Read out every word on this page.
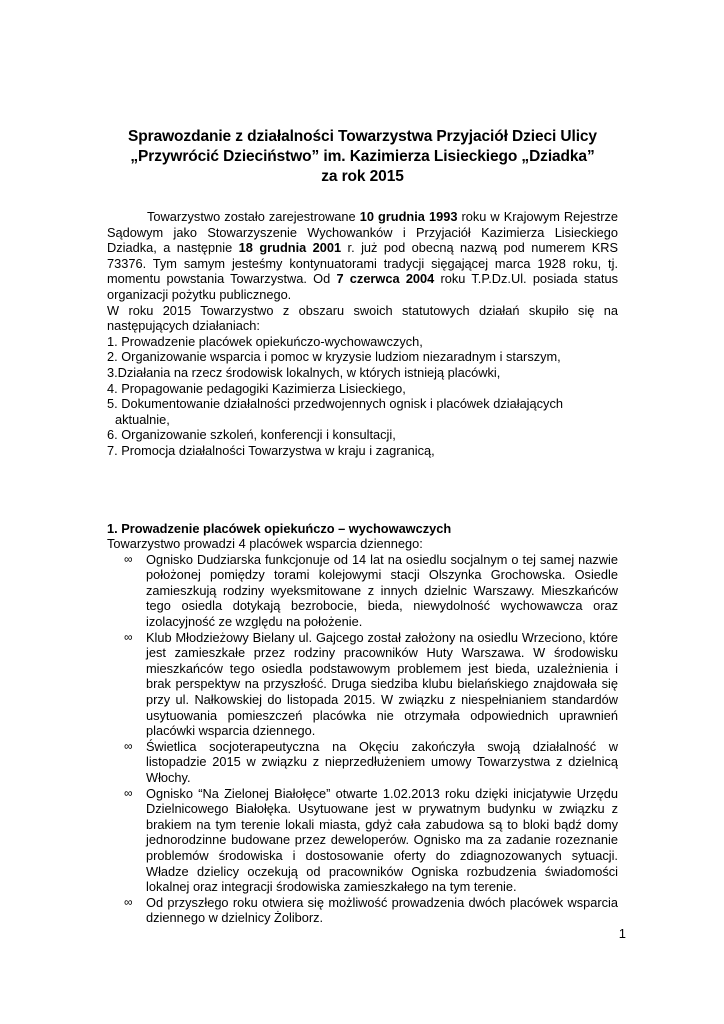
Sprawozdanie z działalności Towarzystwa Przyjaciół Dzieci Ulicy
„Przywrócić Dzieciństwo” im. Kazimierza Lisieckiego „Dziadka”
za rok 2015

Towarzystwo zostało zarejestrowane 10 grudnia 1993 roku w Krajowym Rejestrze Sądowym jako Stowarzyszenie Wychowanków i Przyjaciół Kazimierza Lisieckiego Dziadka, a następnie 18 grudnia 2001 r. już pod obecną nazwą pod numerem KRS 73376. Tym samym jesteśmy kontynuatorami tradycji sięgającej marca 1928 roku, tj. momentu powstania Towarzystwa. Od 7 czerwca 2004 roku T.P.Dz.Ul. posiada status organizacji pożytku publicznego.

W roku 2015 Towarzystwo z obszaru swoich statutowych działań skupiło się na następujących działaniach:

1. Prowadzenie placówek opiekuńczo-wychowawczych,
2. Organizowanie wsparcia i pomoc w kryzysie ludziom niezaradnym i starszym,
3.Działania na rzecz środowisk lokalnych, w których istnieją placówki,
4. Propagowanie pedagogiki Kazimierza Lisieckiego,
5. Dokumentowanie działalności przedwojennych ognisk i placówek działających
aktualnie,
6. Organizowanie szkoleń, konferencji i konsultacji,
7. Promocja działalności Towarzystwa w kraju i zagranicą,

1. Prowadzenie placówek opiekuńczo – wychowawczych

Towarzystwo prowadzi 4 placówek wsparcia dziennego:

∞	Ognisko Dudziarska funkcjonuje od 14 lat na osiedlu socjalnym o tej samej nazwie położonej pomiędzy torami kolejowymi stacji Olszynka Grochowska. Osiedle zamieszkują rodziny wyeksmitowane z innych dzielnic Warszawy. Mieszkańców tego osiedla dotykają bezrobocie, bieda, niewydolność wychowawcza oraz izolacyjność ze względu na położenie.
∞	Klub Młodzieżowy Bielany ul. Gajcego został założony na osiedlu Wrzeciono, które jest zamieszkałe przez rodziny pracowników Huty Warszawa. W środowisku mieszkańców tego osiedla podstawowym problemem jest bieda, uzależnienia i brak perspektyw na przyszłość. Druga siedziba klubu bielańskiego znajdowała się przy ul. Nałkowskiej do listopada 2015. W związku z niespełnianiem standardów usytuowania pomieszczeń placówka nie otrzymała odpowiednich uprawnień placówki wsparcia dziennego.
∞	Świetlica socjoterapeutyczna na Okęciu zakończyła swoją działalność w listopadzie 2015 w związku z nieprzedłużeniem umowy Towarzystwa z dzielnicą Włochy.
∞	Ognisko “Na Zielonej Białołęce” otwarte 1.02.2013 roku dzięki inicjatywie Urzędu Dzielnicowego Białołęka. Usytuowane jest w prywatnym budynku w związku z brakiem na tym terenie lokali miasta, gdyż cała zabudowa są to bloki bądź domy jednorodzinne budowane przez deweloperów. Ognisko ma za zadanie rozeznanie problemów środowiska i dostosowanie oferty do zdiagnozowanych sytuacji. Władze dzielicy oczekują od pracowników Ogniska rozbudzenia świadomości lokalnej oraz integracji środowiska zamieszkałego na tym terenie.
∞	Od przyszłego roku otwiera się możliwość prowadzenia dwóch placówek wsparcia dziennego w dzielnicy Żoliborz.
1
